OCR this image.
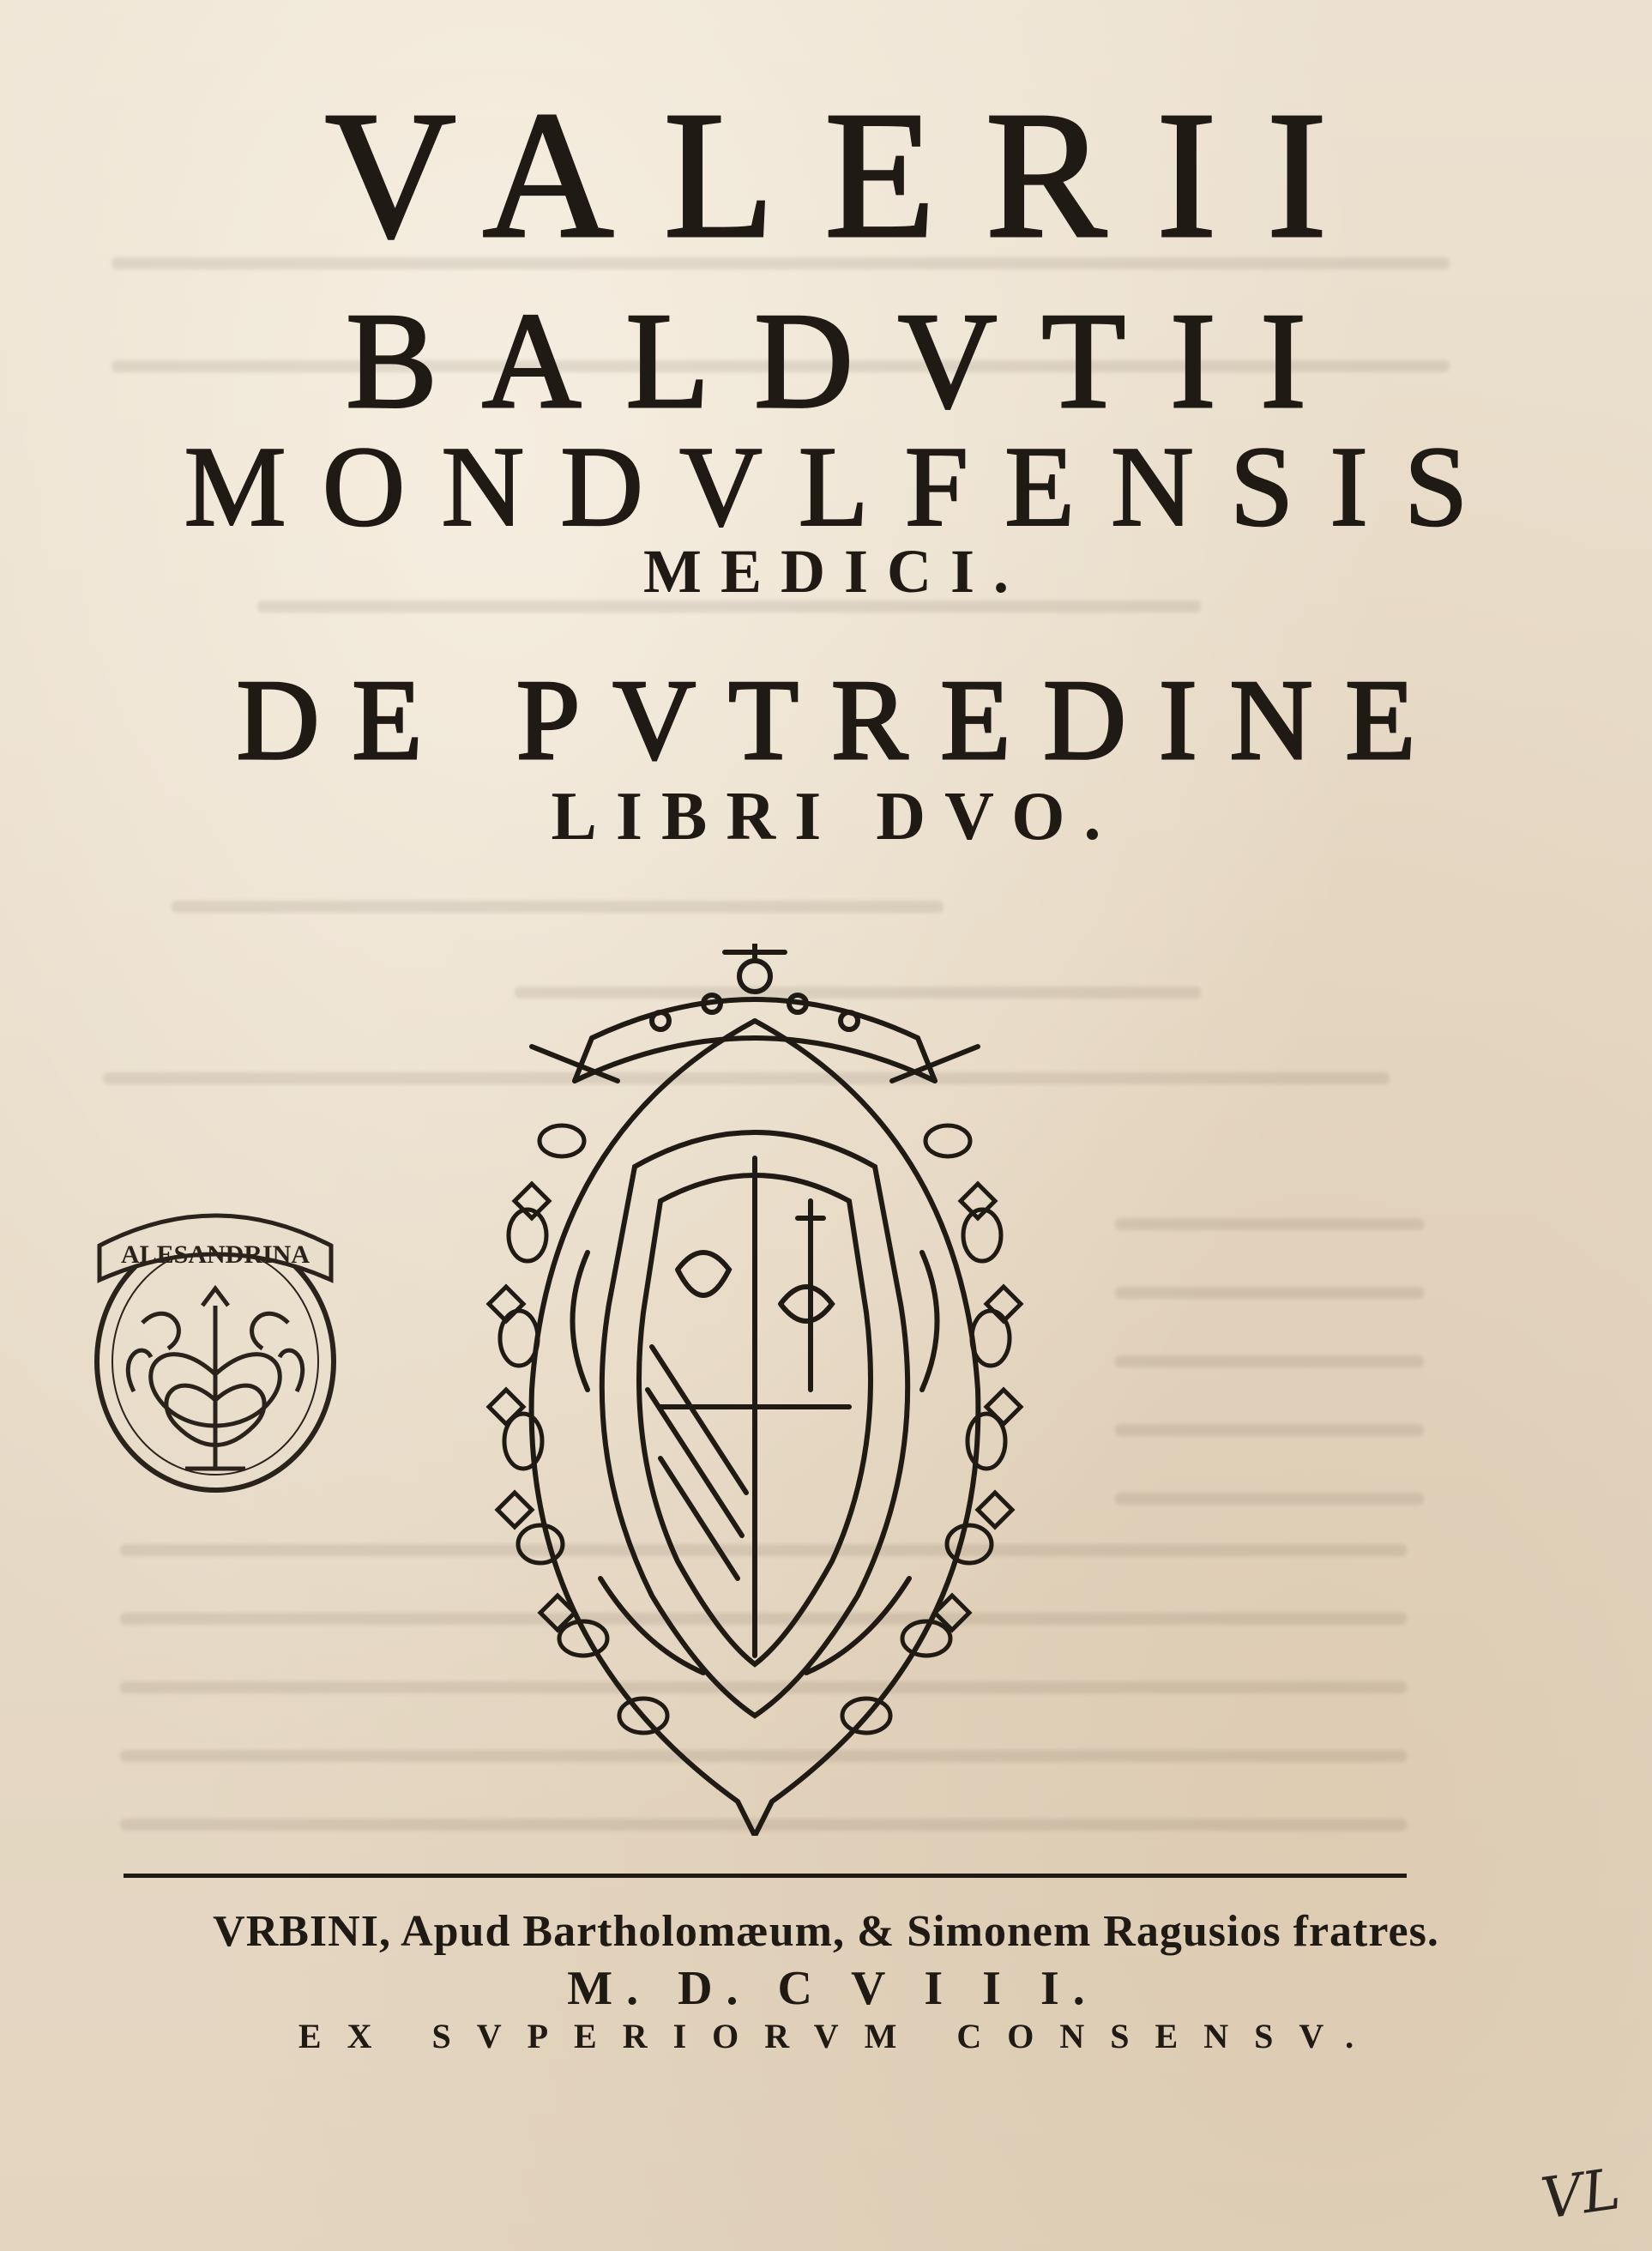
VALERII
BALDVTII
MONDVLFENSIS
MEDICI.
DE PVTREDINE
LIBRI DVO.
ALESANDRINA
VRBINI, Apud Bartholomæum, & Simonem Ragusios fratres.
M. D. C V I I I.
EX SVPERIORVM CONSENSV.
VL
